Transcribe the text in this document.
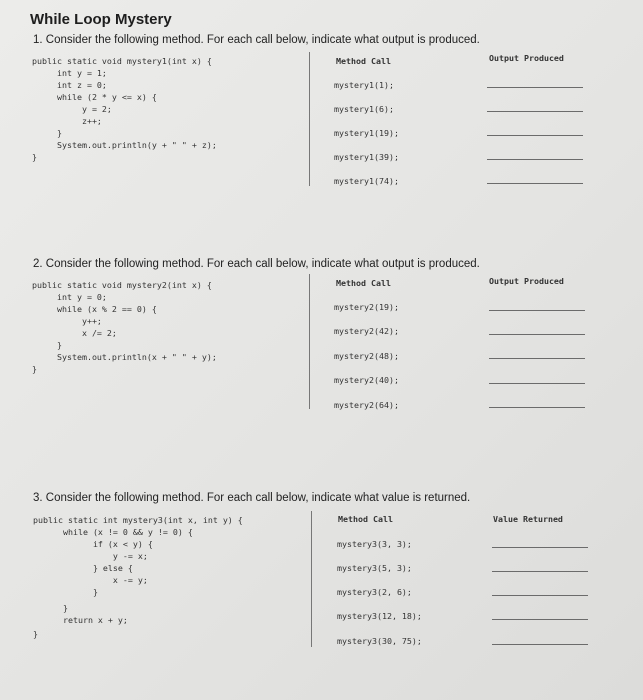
While Loop Mystery
1. Consider the following method. For each call below, indicate what output is produced.
public static void mystery1(int x) {
int y = 1;
int z = 0;
while (2 * y <= x) {
y = 2;
z++;
}
System.out.println(y + " " + z);
}
Method Call	Output Produced
mystery1(1);
mystery1(6);
mystery1(19);
mystery1(39);
mystery1(74);
2. Consider the following method. For each call below, indicate what output is produced.
public static void mystery2(int x) {
int y = 0;
while (x % 2 == 0) {
y++;
x /= 2;
}
System.out.println(x + " " + y);
}
Method Call	Output Produced
mystery2(19);
mystery2(42);
mystery2(48);
mystery2(40);
mystery2(64);
3. Consider the following method. For each call below, indicate what value is returned.
public static int mystery3(int x, int y) {
while (x != 0 && y != 0) {
if (x < y) {
y -= x;
} else {
x -= y;
}
}
return x + y;
}
Method Call	Value Returned
mystery3(3, 3);
mystery3(5, 3);
mystery3(2, 6);
mystery3(12, 18);
mystery3(30, 75);
